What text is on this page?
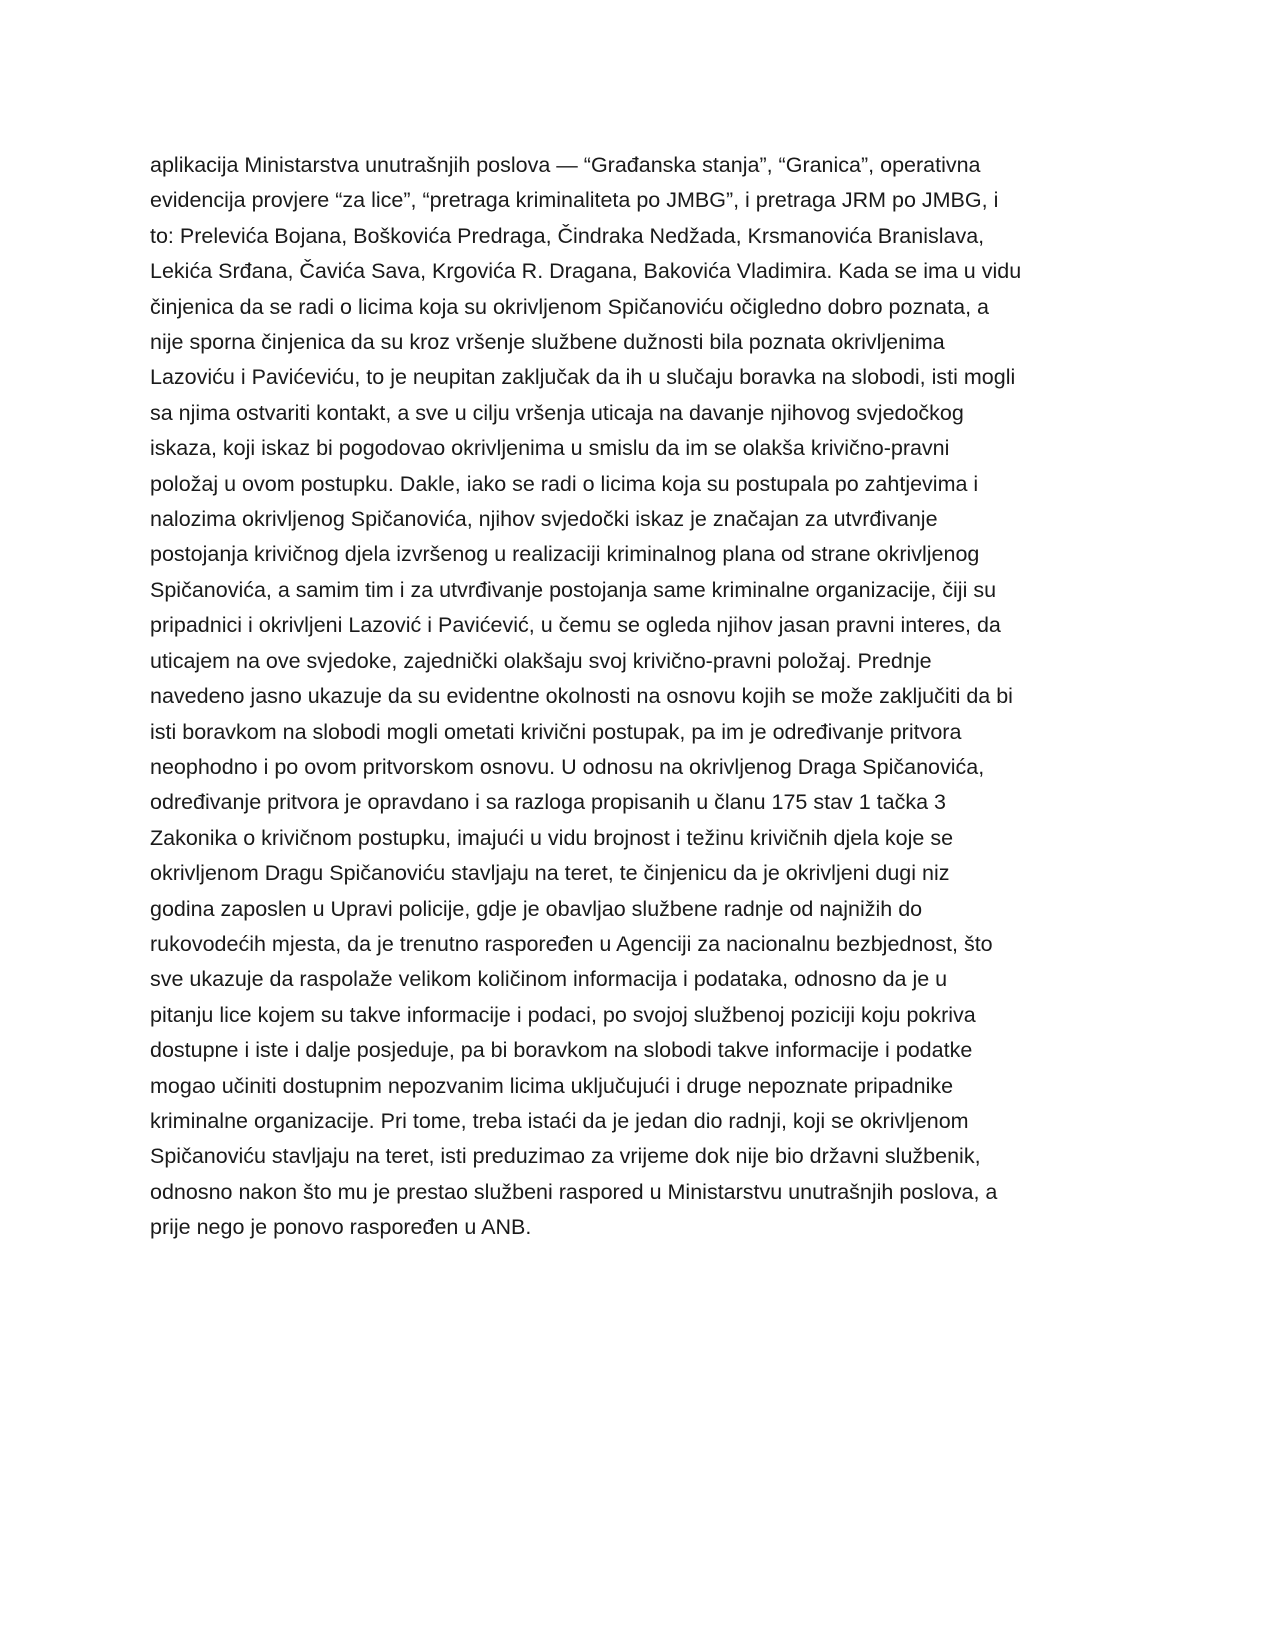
aplikacija Ministarstva unutrašnjih poslova — “Građanska stanja”, “Granica”, operativna
evidencija provjere “za lice”, “pretraga kriminaliteta po JMBG”, i pretraga JRM po JMBG, i
to: Prelevića Bojana, Boškovića Predraga, Čindraka Nedžada, Krsmanovića Branislava,
Lekića Srđana, Čavića Sava, Krgovića R. Dragana, Bakovića Vladimira. Kada se ima u vidu
činjenica da se radi o licima koja su okrivljenom Spičanoviću očigledno dobro poznata, a
nije sporna činjenica da su kroz vršenje službene dužnosti bila poznata okrivljenima
Lazoviću i Pavićeviću, to je neupitan zaključak da ih u slučaju boravka na slobodi, isti mogli
sa njima ostvariti kontakt, a sve u cilju vršenja uticaja na davanje njihovog svjedočkog
iskaza, koji iskaz bi pogodovao okrivljenima u smislu da im se olakša krivično-pravni
položaj u ovom postupku. Dakle, iako se radi o licima koja su postupala po zahtjevima i
nalozima okrivljenog Spičanovića, njihov svjedočki iskaz je značajan za utvrđivanje
postojanja krivičnog djela izvršenog u realizaciji kriminalnog plana od strane okrivljenog
Spičanovića, a samim tim i za utvrđivanje postojanja same kriminalne organizacije, čiji su
pripadnici i okrivljeni Lazović i Pavićević, u čemu se ogleda njihov jasan pravni interes, da
uticajem na ove svjedoke, zajednički olakšaju svoj krivično-pravni položaj. Prednje
navedeno jasno ukazuje da su evidentne okolnosti na osnovu kojih se može zaključiti da bi
isti boravkom na slobodi mogli ometati krivični postupak, pa im je određivanje pritvora
neophodno i po ovom pritvorskom osnovu. U odnosu na okrivljenog Draga Spičanovića,
određivanje pritvora je opravdano i sa razloga propisanih u članu 175 stav 1 tačka 3
Zakonika o krivičnom postupku, imajući u vidu brojnost i težinu krivičnih djela koje se
okrivljenom Dragu Spičanoviću stavljaju na teret, te činjenicu da je okrivljeni dugi niz
godina zaposlen u Upravi policije, gdje je obavljao službene radnje od najnižih do
rukovodećih mjesta, da je trenutno raspoređen u Agenciji za nacionalnu bezbjednost, što
sve ukazuje da raspolaže velikom količinom informacija i podataka, odnosno da je u
pitanju lice kojem su takve informacije i podaci, po svojoj službenoj poziciji koju pokriva
dostupne i iste i dalje posjeduje, pa bi boravkom na slobodi takve informacije i podatke
mogao učiniti dostupnim nepozvanim licima uključujući i druge nepoznate pripadnike
kriminalne organizacije. Pri tome, treba istaći da je jedan dio radnji, koji se okrivljenom
Spičanoviću stavljaju na teret, isti preduzimao za vrijeme dok nije bio državni službenik,
odnosno nakon što mu je prestao službeni raspored u Ministarstvu unutrašnjih poslova, a
prije nego je ponovo raspoređen u ANB.
